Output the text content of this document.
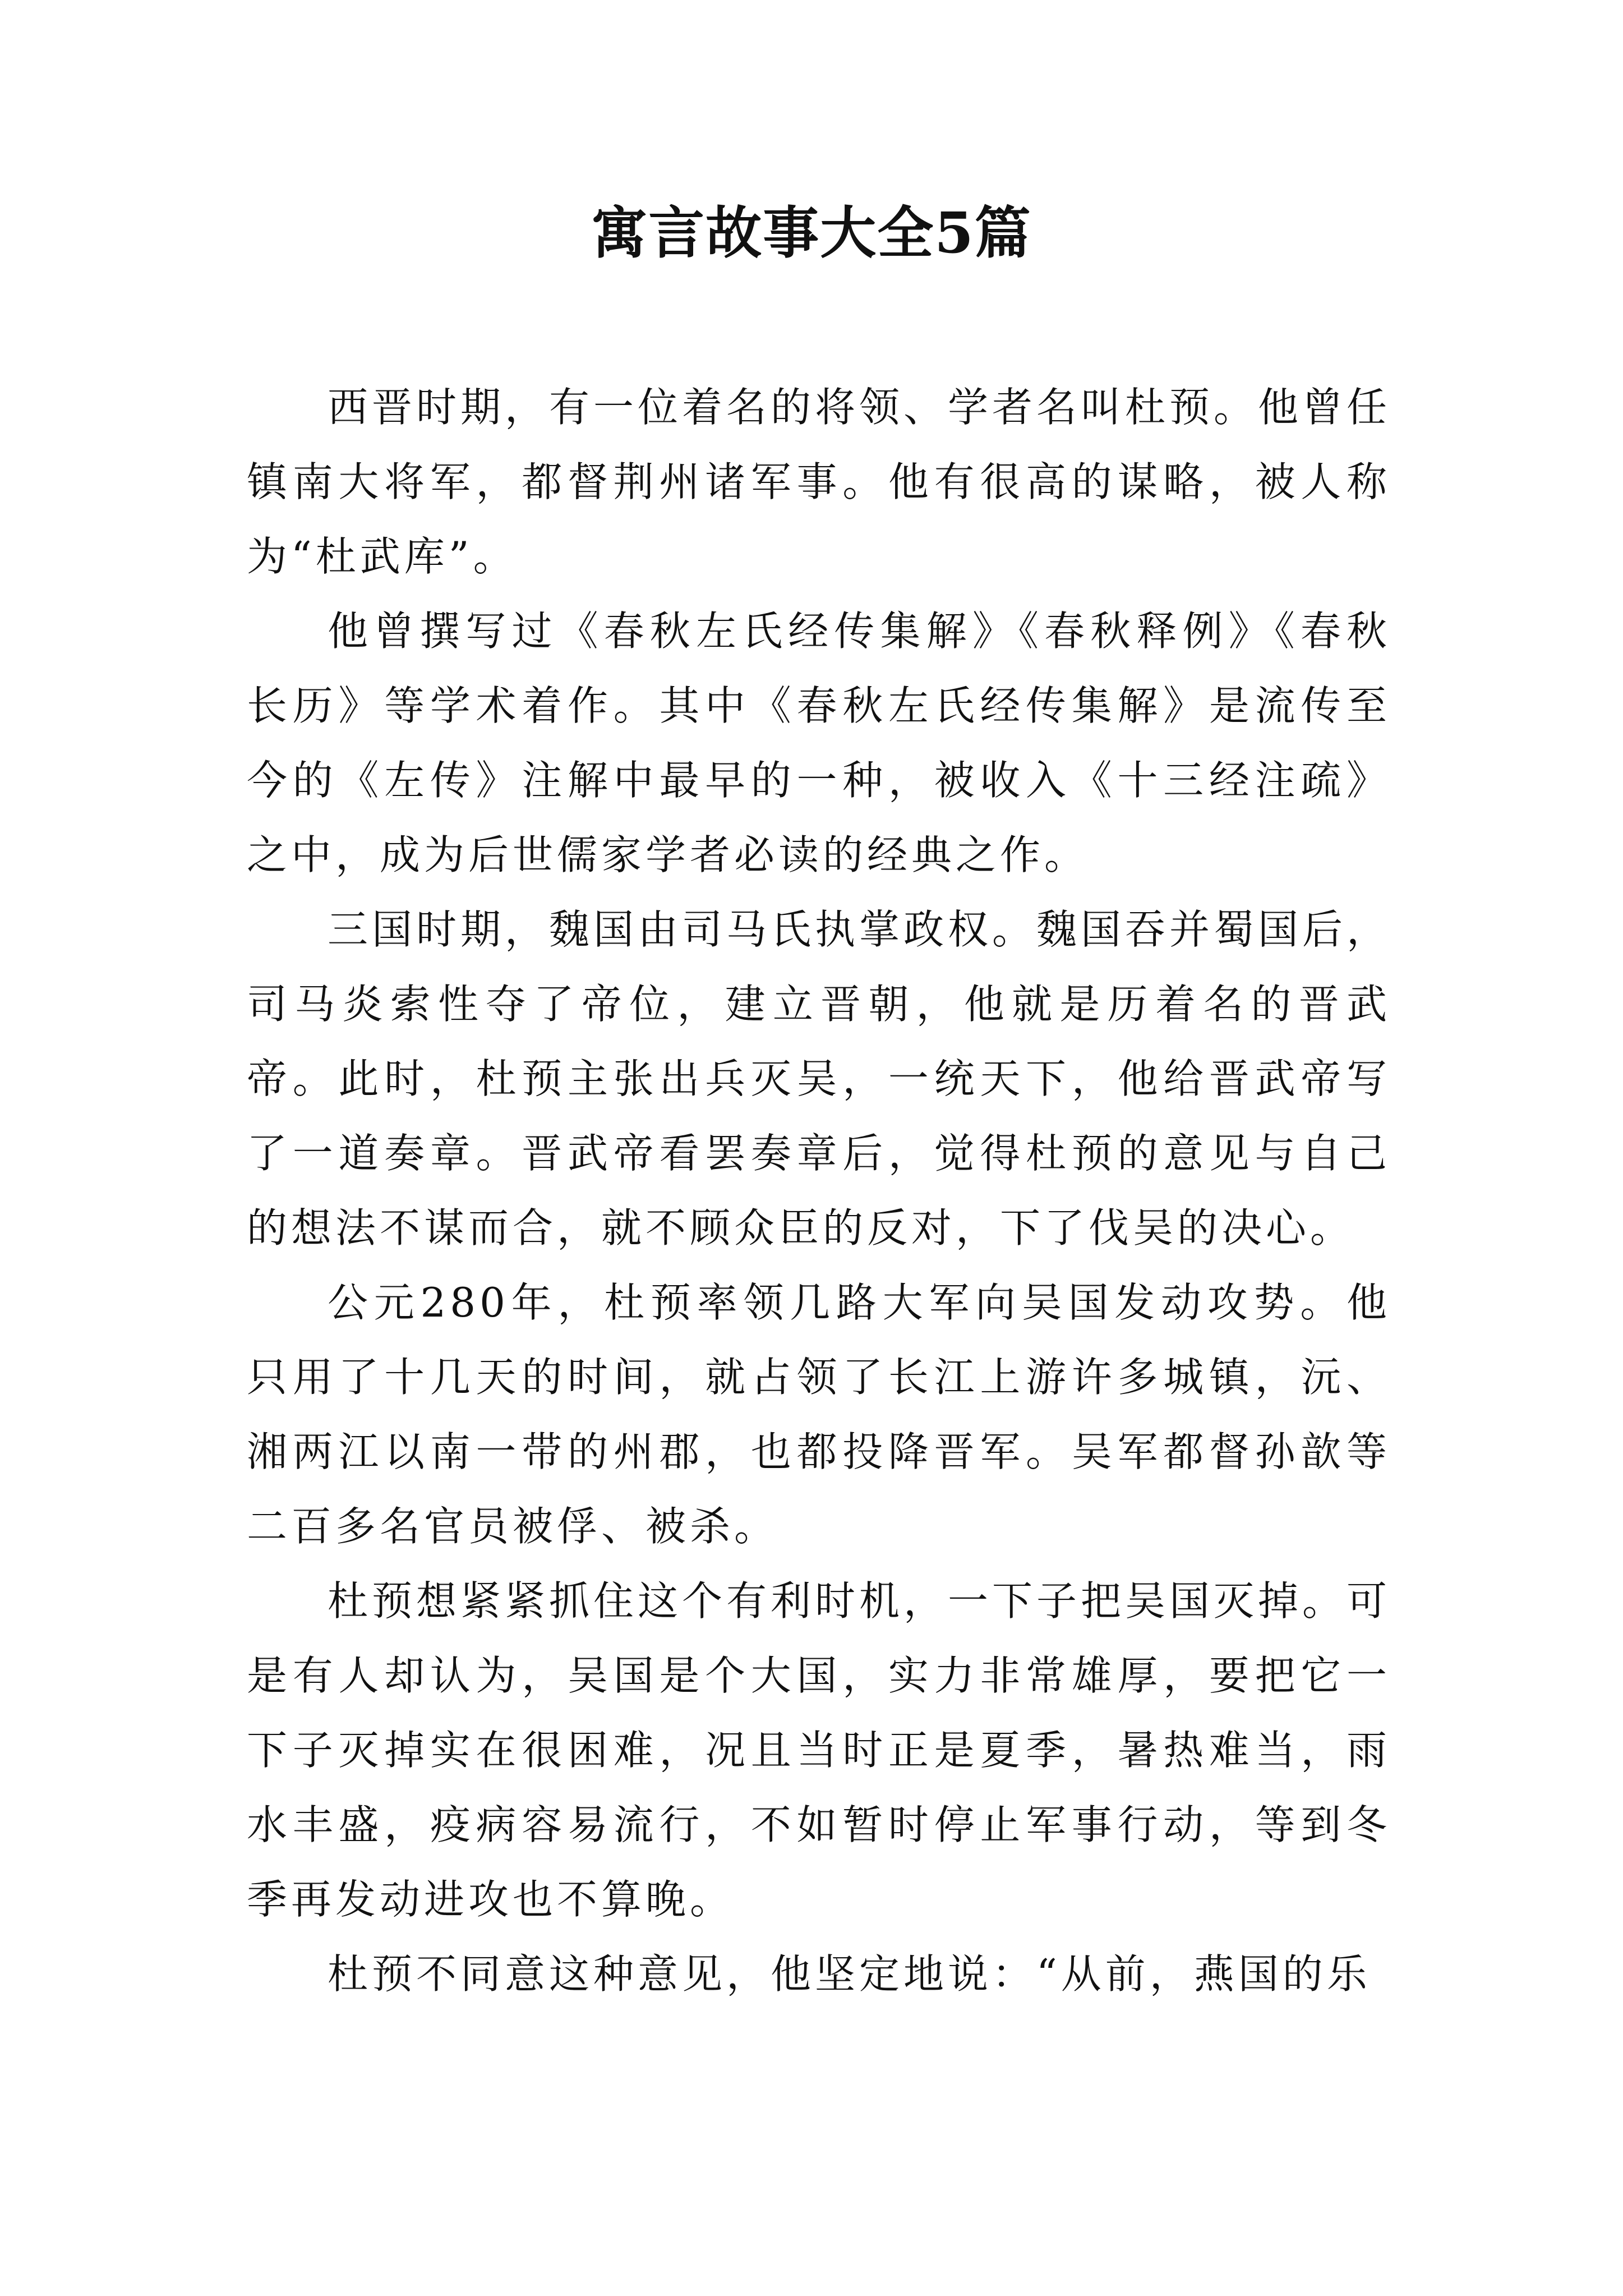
寓言故事大全5篇

西晋时期，有一位着名的将领、学者名叫杜预。他曾任镇南大将军，都督荆州诸军事。他有很高的谋略，被人称为“杜武库”。

他曾撰写过《春秋左氏经传集解》《春秋释例》《春秋长历》等学术着作。其中《春秋左氏经传集解》是流传至今的《左传》注解中最早的一种，被收入《十三经注疏》之中，成为后世儒家学者必读的经典之作。

三国时期，魏国由司马氏执掌政权。魏国吞并蜀国后，司马炎索性夺了帝位，建立晋朝，他就是历着名的晋武帝。此时，杜预主张出兵灭吴，一统天下，他给晋武帝写了一道奏章。晋武帝看罢奏章后，觉得杜预的意见与自己的想法不谋而合，就不顾众臣的反对，下了伐吴的决心。

公元280年，杜预率领几路大军向吴国发动攻势。他只用了十几天的时间，就占领了长江上游许多城镇，沅、湘两江以南一带的州郡，也都投降晋军。吴军都督孙歆等二百多名官员被俘、被杀。

杜预想紧紧抓住这个有利时机，一下子把吴国灭掉。可是有人却认为，吴国是个大国，实力非常雄厚，要把它一下子灭掉实在很困难，况且当时正是夏季，暑热难当，雨水丰盛，疫病容易流行，不如暂时停止军事行动，等到冬季再发动进攻也不算晚。

杜预不同意这种意见，他坚定地说：“从前，燕国的乐
